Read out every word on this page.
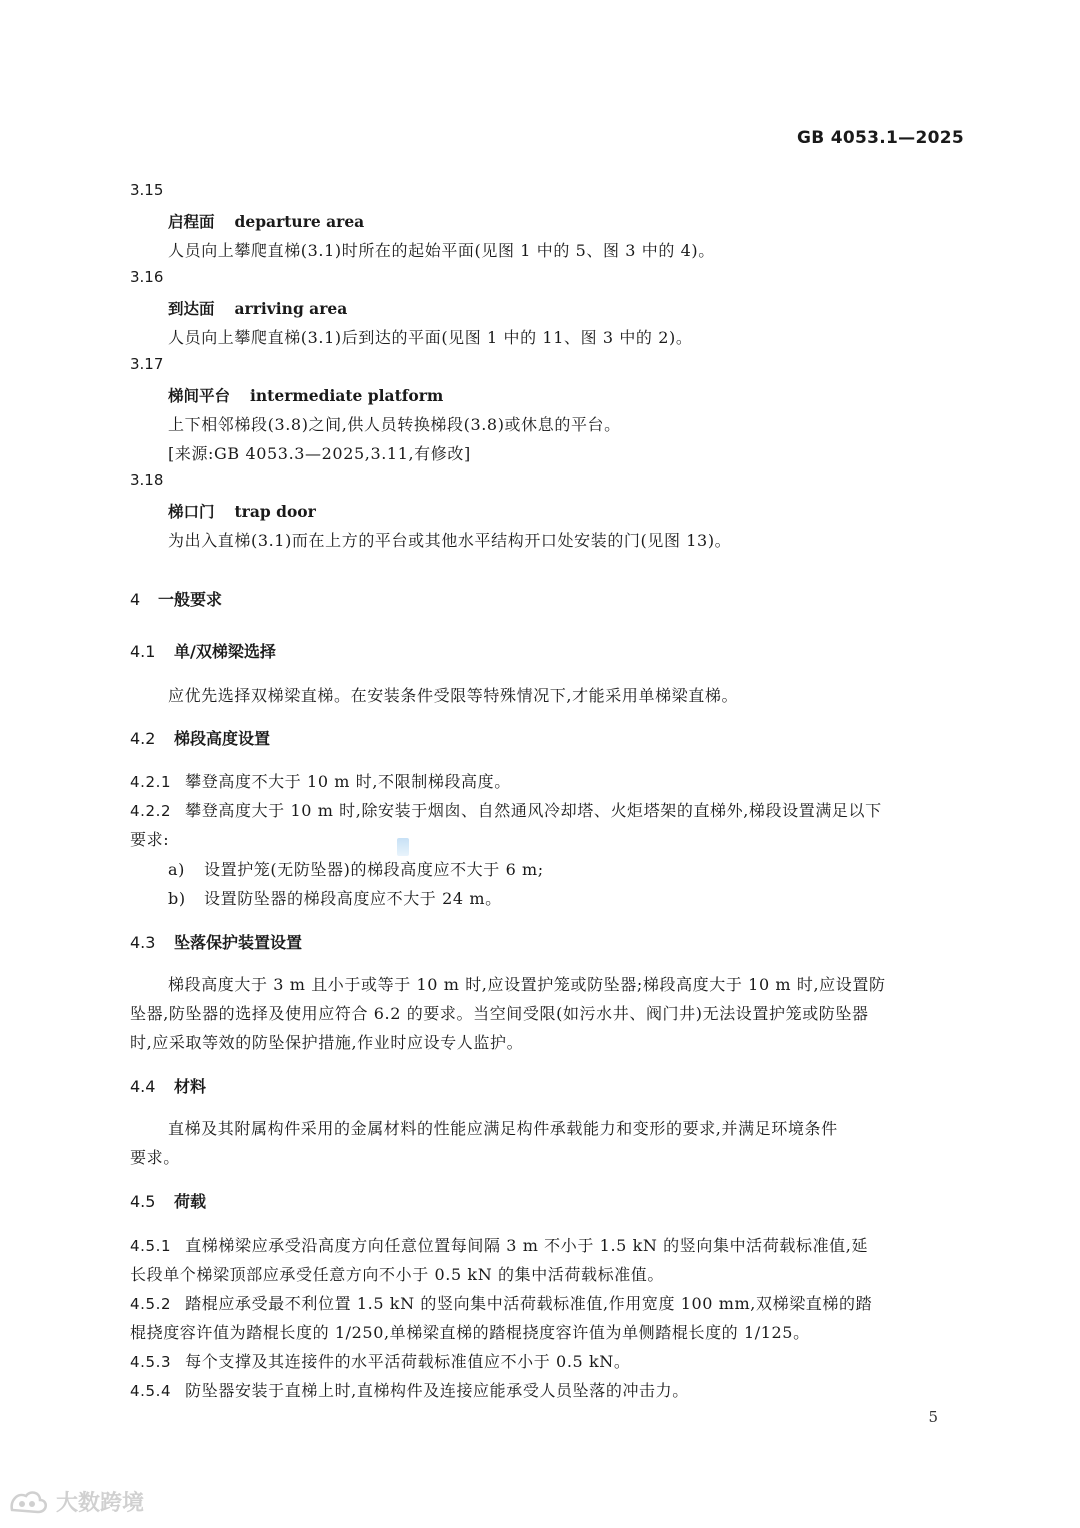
GB 4053.1—2025
3.15
启程面 departure area
人员向上攀爬直梯(3.1)时所在的起始平面(见图 1 中的 5、图 3 中的 4)。
3.16
到达面 arriving area
人员向上攀爬直梯(3.1)后到达的平面(见图 1 中的 11、图 3 中的 2)。
3.17
梯间平台 intermediate platform
上下相邻梯段(3.8)之间,供人员转换梯段(3.8)或休息的平台。
[来源:GB 4053.3—2025,3.11,有修改]
3.18
梯口门 trap door
为出入直梯(3.1)而在上方的平台或其他水平结构开口处安装的门(见图 13)。
4 一般要求
4.1 单/双梯梁选择
应优先选择双梯梁直梯。在安装条件受限等特殊情况下,才能采用单梯梁直梯。
4.2 梯段高度设置
4.2.1 攀登高度不大于 10 m 时,不限制梯段高度。
4.2.2 攀登高度大于 10 m 时,除安装于烟囱、自然通风冷却塔、火炬塔架的直梯外,梯段设置满足以下
要求:
a) 设置护笼(无防坠器)的梯段高度应不大于 6 m;
b) 设置防坠器的梯段高度应不大于 24 m。
4.3 坠落保护装置设置
梯段高度大于 3 m 且小于或等于 10 m 时,应设置护笼或防坠器;梯段高度大于 10 m 时,应设置防
坠器,防坠器的选择及使用应符合 6.2 的要求。当空间受限(如污水井、阀门井)无法设置护笼或防坠器
时,应采取等效的防坠保护措施,作业时应设专人监护。
4.4 材料
直梯及其附属构件采用的金属材料的性能应满足构件承载能力和变形的要求,并满足环境条件
要求。
4.5 荷载
4.5.1 直梯梯梁应承受沿高度方向任意位置每间隔 3 m 不小于 1.5 kN 的竖向集中活荷载标准值,延
长段单个梯梁顶部应承受任意方向不小于 0.5 kN 的集中活荷载标准值。
4.5.2 踏棍应承受最不利位置 1.5 kN 的竖向集中活荷载标准值,作用宽度 100 mm,双梯梁直梯的踏
棍挠度容许值为踏棍长度的 1/250,单梯梁直梯的踏棍挠度容许值为单侧踏棍长度的 1/125。
4.5.3 每个支撑及其连接件的水平活荷载标准值应不小于 0.5 kN。
4.5.4 防坠器安装于直梯上时,直梯构件及连接应能承受人员坠落的冲击力。
5
大数跨境
